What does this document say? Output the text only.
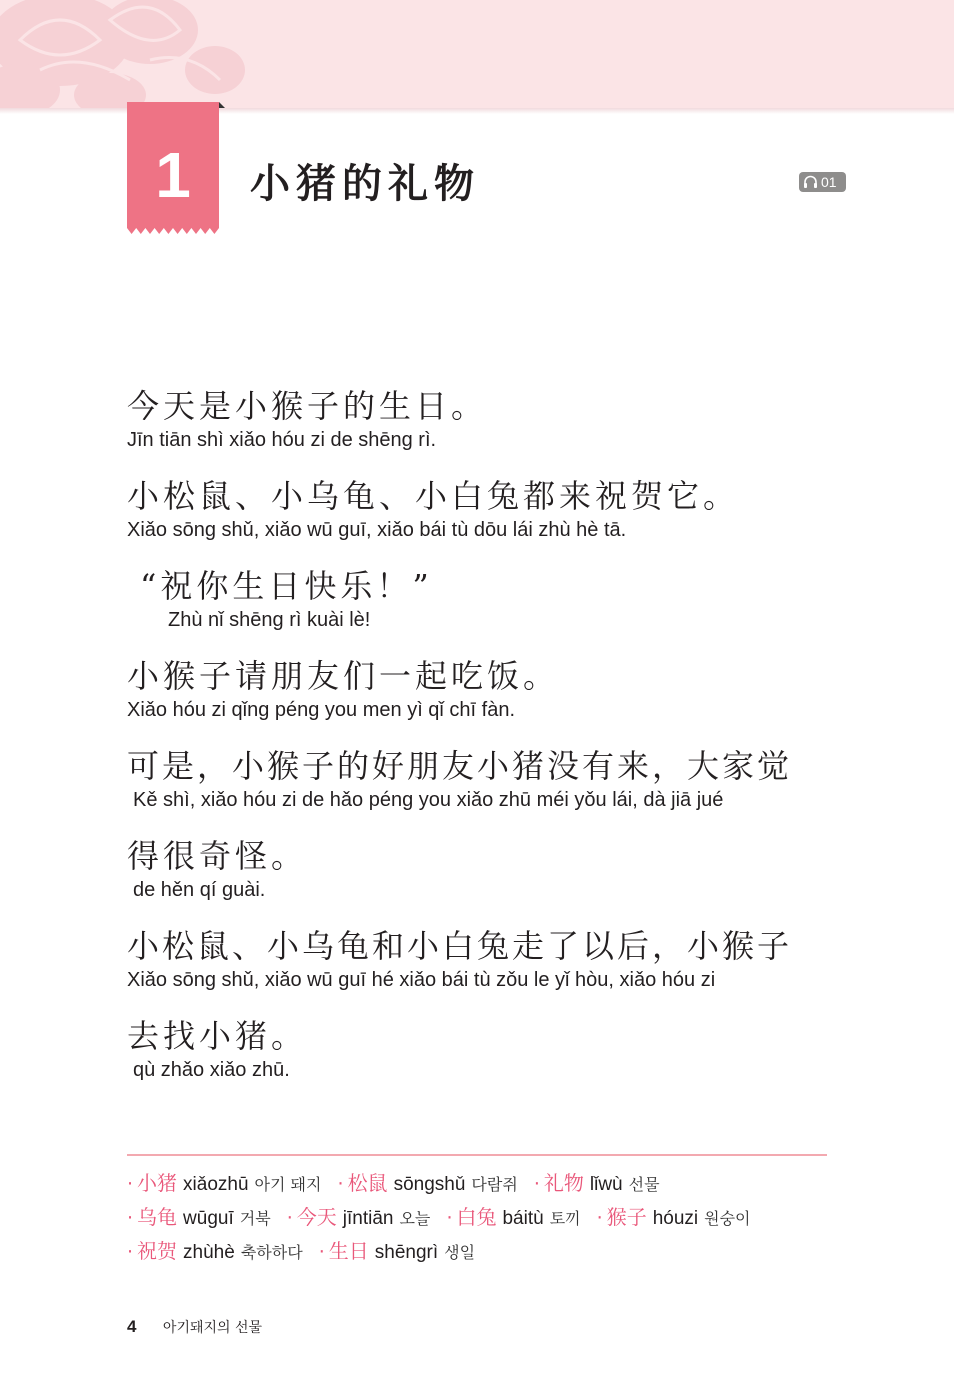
1	小猪的礼物	01
今天是小猴子的生日。
Jīn tiān shì xiǎo hóu zi de shēng rì.
小松鼠、小乌龟、小白兔都来祝贺它。
Xiǎo sōng shǔ, xiǎo wū guī, xiǎo bái tù dōu lái zhù hè tā.
“祝你生日快乐！”
Zhù nǐ shēng rì kuài lè!
小猴子请朋友们一起吃饭。
Xiǎo hóu zi qǐng péng you men yì qǐ chī fàn.
可是，小猴子的好朋友小猪没有来，大家觉
Kě shì, xiǎo hóu zi de hǎo péng you xiǎo zhū méi yǒu lái, dà jiā jué
得很奇怪。
de hěn qí guài.
小松鼠、小乌龟和小白兔走了以后，小猴子
Xiǎo sōng shǔ, xiǎo wū guī hé xiǎo bái tù zǒu le yǐ hòu, xiǎo hóu zi
去找小猪。
qù zhǎo xiǎo zhū.
· 小猪 xiǎozhū 아기 돼지 · 松鼠 sōngshǔ 다람쥐 · 礼物 lǐwù 선물
· 乌龟 wūguī 거북 · 今天 jīntiān 오늘 · 白兔 báitù 토끼 · 猴子 hóuzi 원숭이
· 祝贺 zhùhè 축하하다 · 生日 shēngrì 생일
4 아기돼지의 선물
